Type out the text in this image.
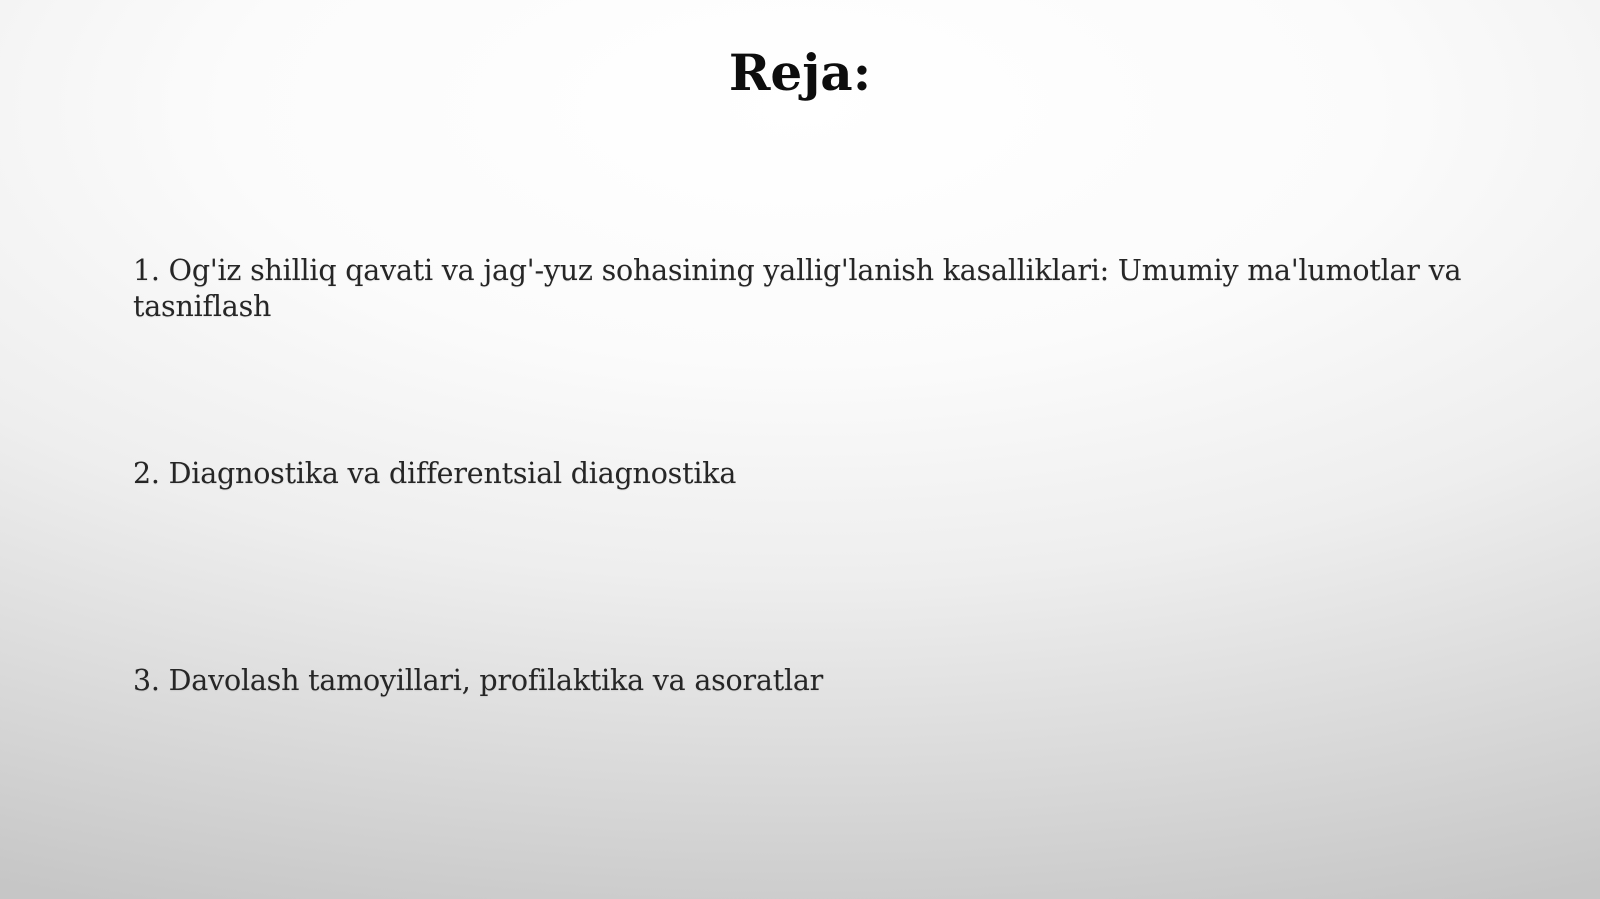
Reja:
1. Og'iz shilliq qavati va jag'-yuz sohasining yallig'lanish kasalliklari: Umumiy ma'lumotlar va tasniflash
2. Diagnostika va differentsial diagnostika
3. Davolash tamoyillari, profilaktika va asoratlar
